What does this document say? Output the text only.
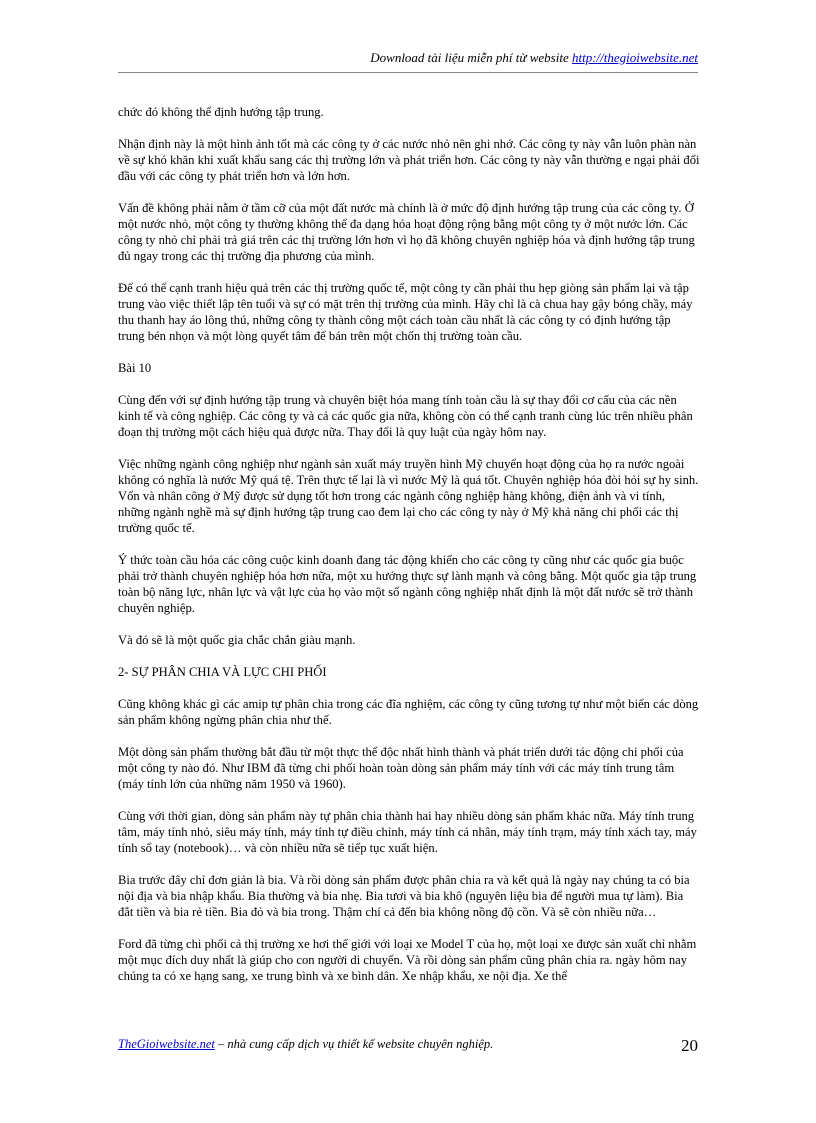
Download tài liệu miễn phí từ website http://thegioiwebsite.net

chức đó không thể định hướng tập trung.

Nhận định này là một hình ảnh tốt mà các công ty ở các nước nhỏ nên ghi nhớ. Các công ty này vẫn luôn phàn nàn về sự khó khăn khi xuất khẩu sang các thị trường lớn và phát triển hơn. Các công ty này vẫn thường e ngại phải đối đầu với các công ty phát triển hơn và lớn hơn.

Vấn đề không phải nằm ở tầm cỡ của một đất nước mà chính là ở mức độ định hướng tập trung của các công ty. Ở một nước nhỏ, một công ty thường không thể đa dạng hóa hoạt động rộng bằng một công ty ở một nước lớn. Các công ty nhỏ chỉ phải trả giá trên các thị trường lớn hơn vì họ đã không chuyên nghiệp hóa và định hướng tập trung đủ ngay trong các thị trường địa phương của mình.

Để có thể cạnh tranh hiệu quả trên các thị trường quốc tế, một công ty cần phải thu hẹp giòng sản phẩm lại và tập trung vào việc thiết lập tên tuổi và sự có mặt trên thị trường của mình. Hãy chỉ là cà chua hay gậy bóng chầy, máy thu thanh hay áo lông thú, những công ty thành công một cách toàn cầu nhất là các công ty có định hướng tập trung bén nhọn và một lòng quyết tâm để bán trên một chốn thị trường toàn cầu.

Bài 10

Cùng đến với sự định hướng tập trung và chuyên biệt hóa mang tính toàn cầu là sự thay đổi cơ cấu của các nền kinh tế và công nghiệp. Các công ty và cả các quốc gia nữa, không còn có thể cạnh tranh cùng lúc trên nhiều phân đoạn thị trường một cách hiệu quả được nữa. Thay đổi là quy luật của ngày hôm nay.

Việc những ngành công nghiệp như ngành sản xuất máy truyền hình Mỹ chuyển hoạt động của họ ra nước ngoài không có nghĩa là nước Mỹ quá tệ. Trên thực tế lại là vì nước Mỹ là quá tốt. Chuyên nghiệp hóa đòi hỏi sự hy sinh. Vốn và nhân công ở Mỹ được sử dụng tốt hơn trong các ngành công nghiệp hàng không, điện ảnh và vi tính, những ngành nghề mà sự định hướng tập trung cao đem lại cho các công ty này ở Mỹ khả năng chi phối các thị trường quốc tế.

Ý thức toàn cầu hóa các công cuộc kinh doanh đang tác động khiến cho các công ty cũng như các quốc gia buộc phải trở thành chuyên nghiệp hóa hơn nữa, một xu hướng thực sự lành mạnh và công bằng. Một quốc gia tập trung toàn bộ năng lực, nhân lực và vật lực của họ vào một số ngành công nghiệp nhất định là một đất nước sẽ trở thành chuyên nghiệp.

Và đó sẽ là một quốc gia chắc chắn giàu mạnh.

2- SỰ PHÂN CHIA VÀ LỰC CHI PHỐI

Cũng không khác gì các amip tự phân chia trong các đĩa nghiệm, các công ty cũng tương tự như một biển các dòng sản phẩm không ngừng phân chia như thế.

Một dòng sản phẩm thường bắt đầu từ một thực thể độc nhất hình thành và phát triển dưới tác động chi phối của một công ty nào đó. Như IBM đã từng chi phối hoàn toàn dòng sản phẩm máy tính với các máy tính trung tâm (máy tính lớn của những năm 1950 và 1960).

Cùng với thời gian, dòng sản phẩm này tự phân chia thành hai hay nhiều dòng sản phẩm khác nữa. Máy tính trung tâm, máy tính nhỏ, siêu máy tính, máy tính tự điều chỉnh, máy tính cá nhân, máy tính trạm, máy tính xách tay, máy tính sổ tay (notebook)… và còn nhiều nữa sẽ tiếp tục xuất hiện.

Bia trước đây chỉ đơn giản là bia. Và rồi dòng sản phẩm được phân chia ra và kết quả là ngày nay chúng ta có bia nội địa và bia nhập khẩu. Bia thường và bia nhẹ. Bia tươi và bia khô (nguyên liệu bia để người mua tự làm). Bia đắt tiền và bia rẻ tiền. Bia đỏ và bia trong. Thậm chí cả đến bia không nồng độ cồn. Và sẽ còn nhiều nữa…

Ford đã từng chi phối cả thị trường xe hơi thế giới với loại xe Model T của họ, một loại xe được sản xuất chỉ nhằm một mục đích duy nhất là giúp cho con người di chuyển. Và rồi dòng sản phẩm cũng phân chia ra. ngày hôm nay chúng ta có xe hạng sang, xe trung bình và xe bình dân. Xe nhập khẩu, xe nội địa. Xe thể

TheGioiwebsite.net – nhà cung cấp dịch vụ thiết kế website chuyên nghiệp.	20
